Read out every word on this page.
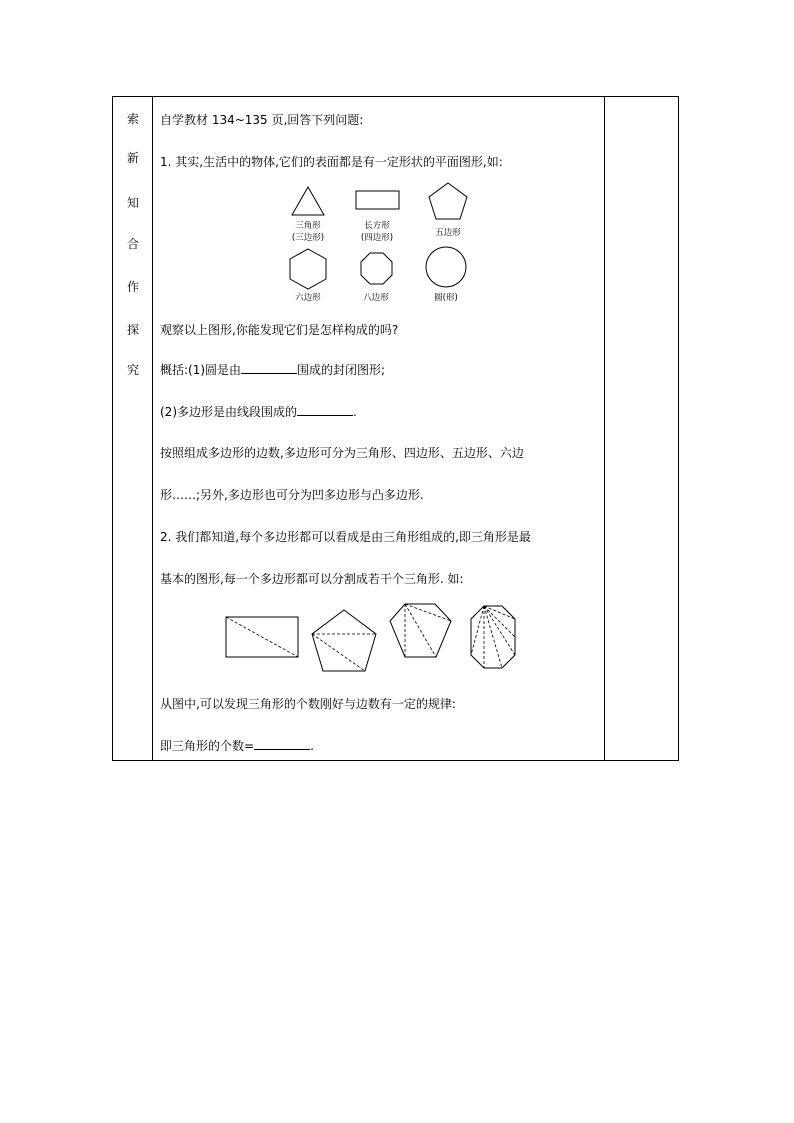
索
新
知
合
作
探
究
自学教材 134~135 页,回答下列问题:
1. 其实,生活中的物体,它们的表面都是有一定形状的平面图形,如:
三角形
(三边形)
长方形
(四边形)	五边形
六边形	八边形	圆(形)
观察以上图形,你能发现它们是怎样构成的吗?
概括:(1)圆是由	围成的封闭图形;
(2)多边形是由线段围成的	.
按照组成多边形的边数,多边形可分为三角形、四边形、五边形、六边
形……;另外,多边形也可分为凹多边形与凸多边形.
2. 我们都知道,每个多边形都可以看成是由三角形组成的,即三角形是最
基本的图形,每一个多边形都可以分割成若干个三角形. 如:
从图中,可以发现三角形的个数刚好与边数有一定的规律:
即三角形的个数=	.
